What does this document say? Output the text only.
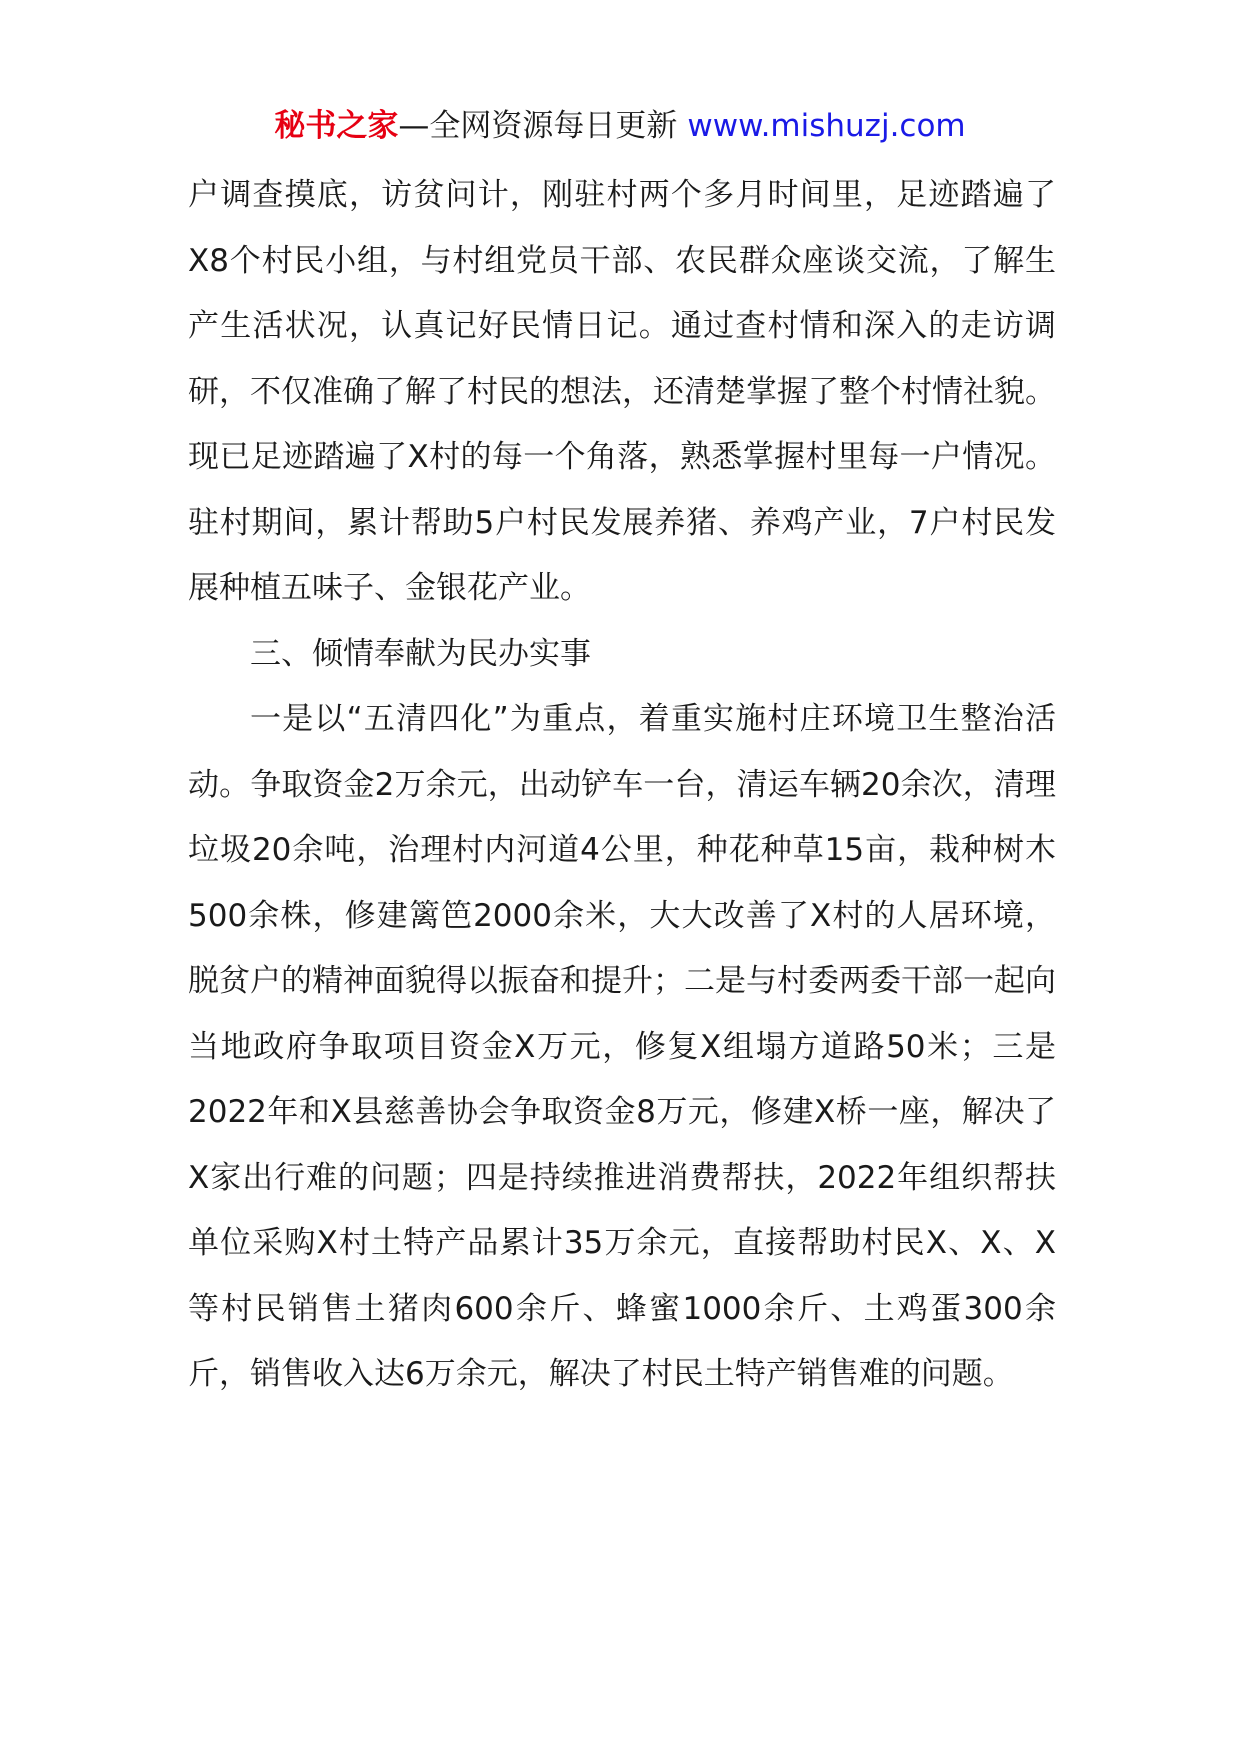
秘书之家—全网资源每日更新 www.mishuzj.com

户调查摸底，访贫问计，刚驻村两个多月时间里，足迹踏遍了X8个村民小组，与村组党员干部、农民群众座谈交流，了解生产生活状况，认真记好民情日记。通过查村情和深入的走访调研，不仅准确了解了村民的想法，还清楚掌握了整个村情社貌。现已足迹踏遍了X村的每一个角落，熟悉掌握村里每一户情况。驻村期间，累计帮助5户村民发展养猪、养鸡产业，7户村民发展种植五味子、金银花产业。

三、倾情奉献为民办实事

一是以“五清四化”为重点，着重实施村庄环境卫生整治活动。争取资金2万余元，出动铲车一台，清运车辆20余次，清理垃圾20余吨，治理村内河道4公里，种花种草15亩，栽种树木500余株，修建篱笆2000余米，大大改善了X村的人居环境，脱贫户的精神面貌得以振奋和提升；二是与村委两委干部一起向当地政府争取项目资金X万元，修复X组塌方道路50米；三是2022年和X县慈善协会争取资金8万元，修建X桥一座，解决了X家出行难的问题；四是持续推进消费帮扶，2022年组织帮扶单位采购X村土特产品累计35万余元，直接帮助村民X、X、X等村民销售土猪肉600余斤、蜂蜜1000余斤、土鸡蛋300余斤，销售收入达6万余元，解决了村民土特产销售难的问题。
